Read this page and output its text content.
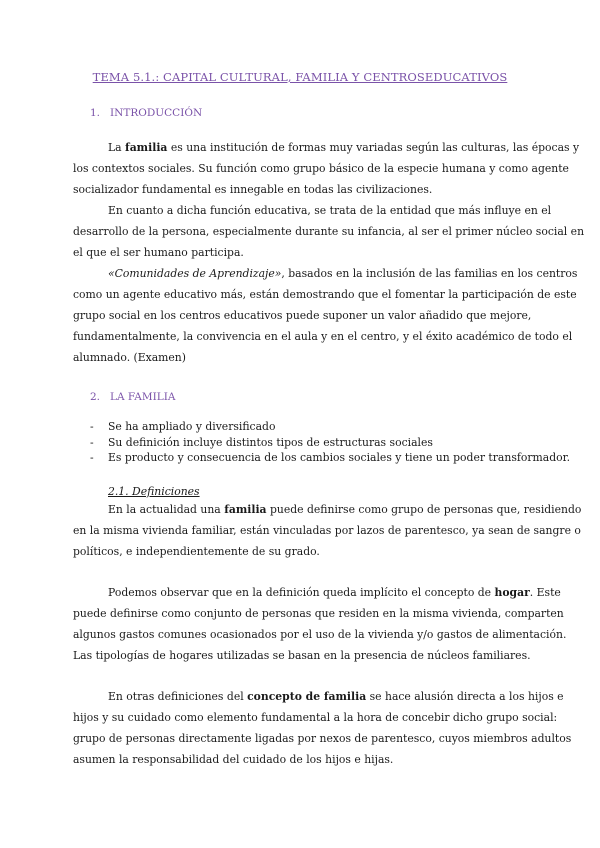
TEMA 5.1.: CAPITAL CULTURAL, FAMILIA Y CENTROSEDUCATIVOS
1. INTRODUCCIÓN
La familia es una institución de formas muy variadas según las culturas, las épocas y
los contextos sociales. Su función como grupo básico de la especie humana y como agente
socializador fundamental es innegable en todas las civilizaciones.
En cuanto a dicha función educativa, se trata de la entidad que más influye en el
desarrollo de la persona, especialmente durante su infancia, al ser el primer núcleo social en
el que el ser humano participa.
«Comunidades de Aprendizaje», basados en la inclusión de las familias en los centros
como un agente educativo más, están demostrando que el fomentar la participación de este
grupo social en los centros educativos puede suponer un valor añadido que mejore,
fundamentalmente, la convivencia en el aula y en el centro, y el éxito académico de todo el
alumnado. (Examen)
2. LA FAMILIA
- Se ha ampliado y diversificado
- Su definición incluye distintos tipos de estructuras sociales
- Es producto y consecuencia de los cambios sociales y tiene un poder transformador.
2.1. Definiciones
En la actualidad una familia puede definirse como grupo de personas que, residiendo
en la misma vivienda familiar, están vinculadas por lazos de parentesco, ya sean de sangre o
políticos, e independientemente de su grado.
Podemos observar que en la definición queda implícito el concepto de hogar. Este
puede definirse como conjunto de personas que residen en la misma vivienda, comparten
algunos gastos comunes ocasionados por el uso de la vivienda y/o gastos de alimentación.
Las tipologías de hogares utilizadas se basan en la presencia de núcleos familiares.
En otras definiciones del concepto de familia se hace alusión directa a los hijos e
hijos y su cuidado como elemento fundamental a la hora de concebir dicho grupo social:
grupo de personas directamente ligadas por nexos de parentesco, cuyos miembros adultos
asumen la responsabilidad del cuidado de los hijos e hijas.
